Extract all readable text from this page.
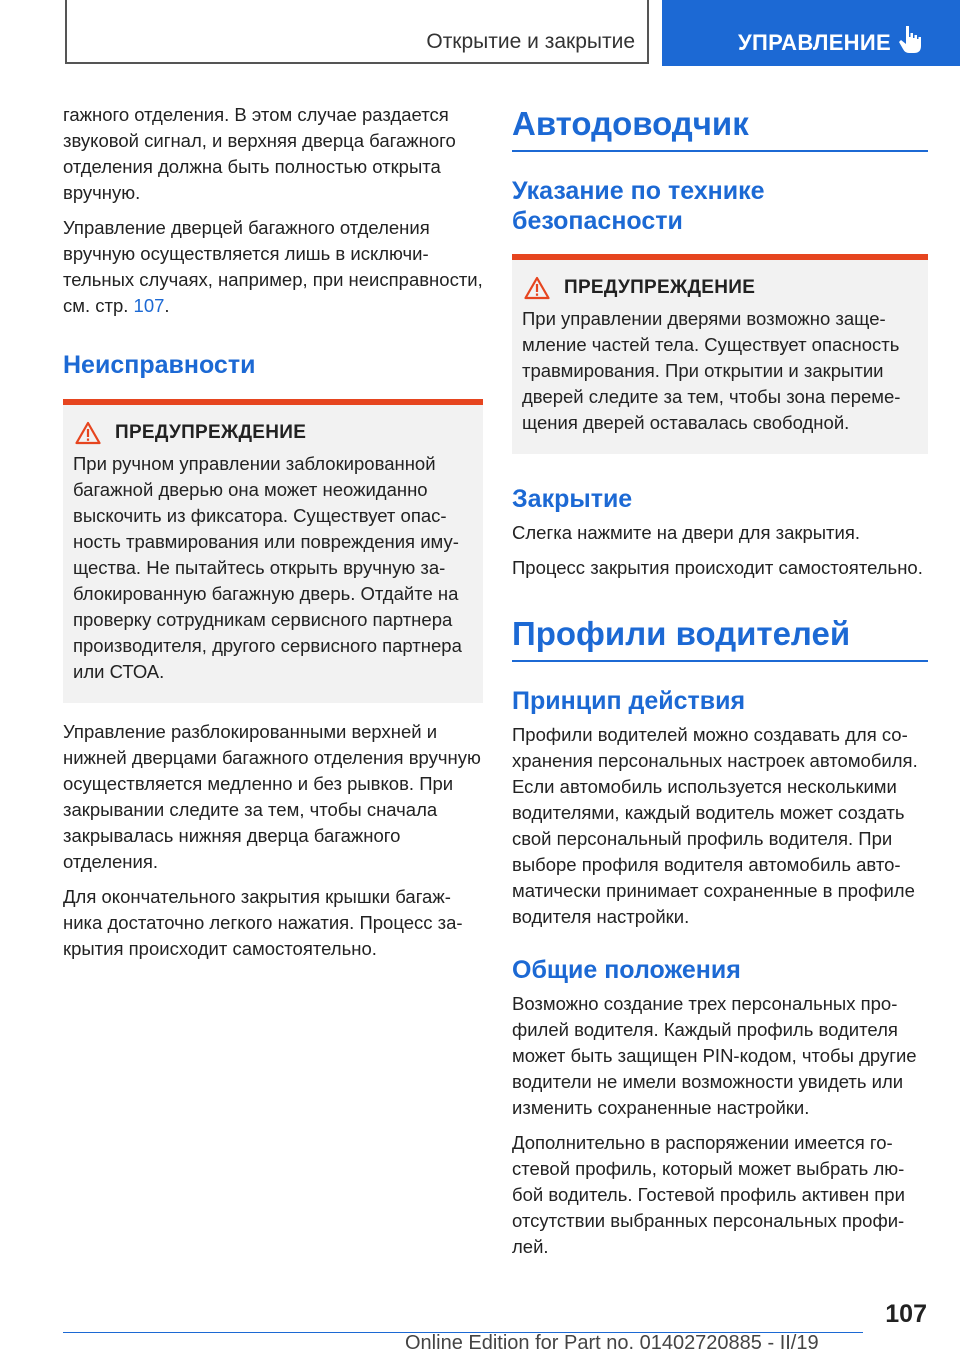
Открытие и закрытие	УПРАВЛЕНИЕ

гажного отделения. В этом случае раздается звуковой сигнал, и верхняя дверца багажного отделения должна быть полностью открыта вручную.

Управление дверцей багажного отделения вручную осуществляется лишь в исключительных случаях, например, при неисправности, см. стр. 107.

Неисправности
ПРЕДУПРЕЖДЕНИЕ

При ручном управлении заблокированной багажной дверью она может неожиданно выскочить из фиксатора. Существует опасность травмирования или повреждения имущества. Не пытайтесь открыть вручную заблокированную багажную дверь. Отдайте на проверку сотрудникам сервисного партнера производителя, другого сервисного партнера или СТОА.

Управление разблокированными верхней и нижней дверцами багажного отделения вручную осуществляется медленно и без рывков. При закрывании следите за тем, чтобы сначала закрывалась нижняя дверца багажного отделения.

Для окончательного закрытия крышки багажника достаточно легкого нажатия. Процесс закрытия происходит самостоятельно.

Автодоводчик
Указание по технике безопасности
ПРЕДУПРЕЖДЕНИЕ

При управлении дверями возможно защемление частей тела. Существует опасность травмирования. При открытии и закрытии дверей следите за тем, чтобы зона перемещения дверей оставалась свободной.

Закрытие

Слегка нажмите на двери для закрытия.

Процесс закрытия происходит самостоятельно.

Профили водителей
Принцип действия

Профили водителей можно создавать для сохранения персональных настроек автомобиля. Если автомобиль используется несколькими водителями, каждый водитель может создать свой персональный профиль водителя. При выборе профиля водителя автомобиль автоматически принимает сохраненные в профиле водителя настройки.

Общие положения

Возможно создание трех персональных профилей водителя. Каждый профиль водителя может быть защищен PIN-кодом, чтобы другие водители не имели возможности увидеть или изменить сохраненные настройки.

Дополнительно в распоряжении имеется гостевой профиль, который может выбрать любой водитель. Гостевой профиль активен при отсутствии выбранных персональных профилей.

107
Online Edition for Part no. 01402720885 - II/19
